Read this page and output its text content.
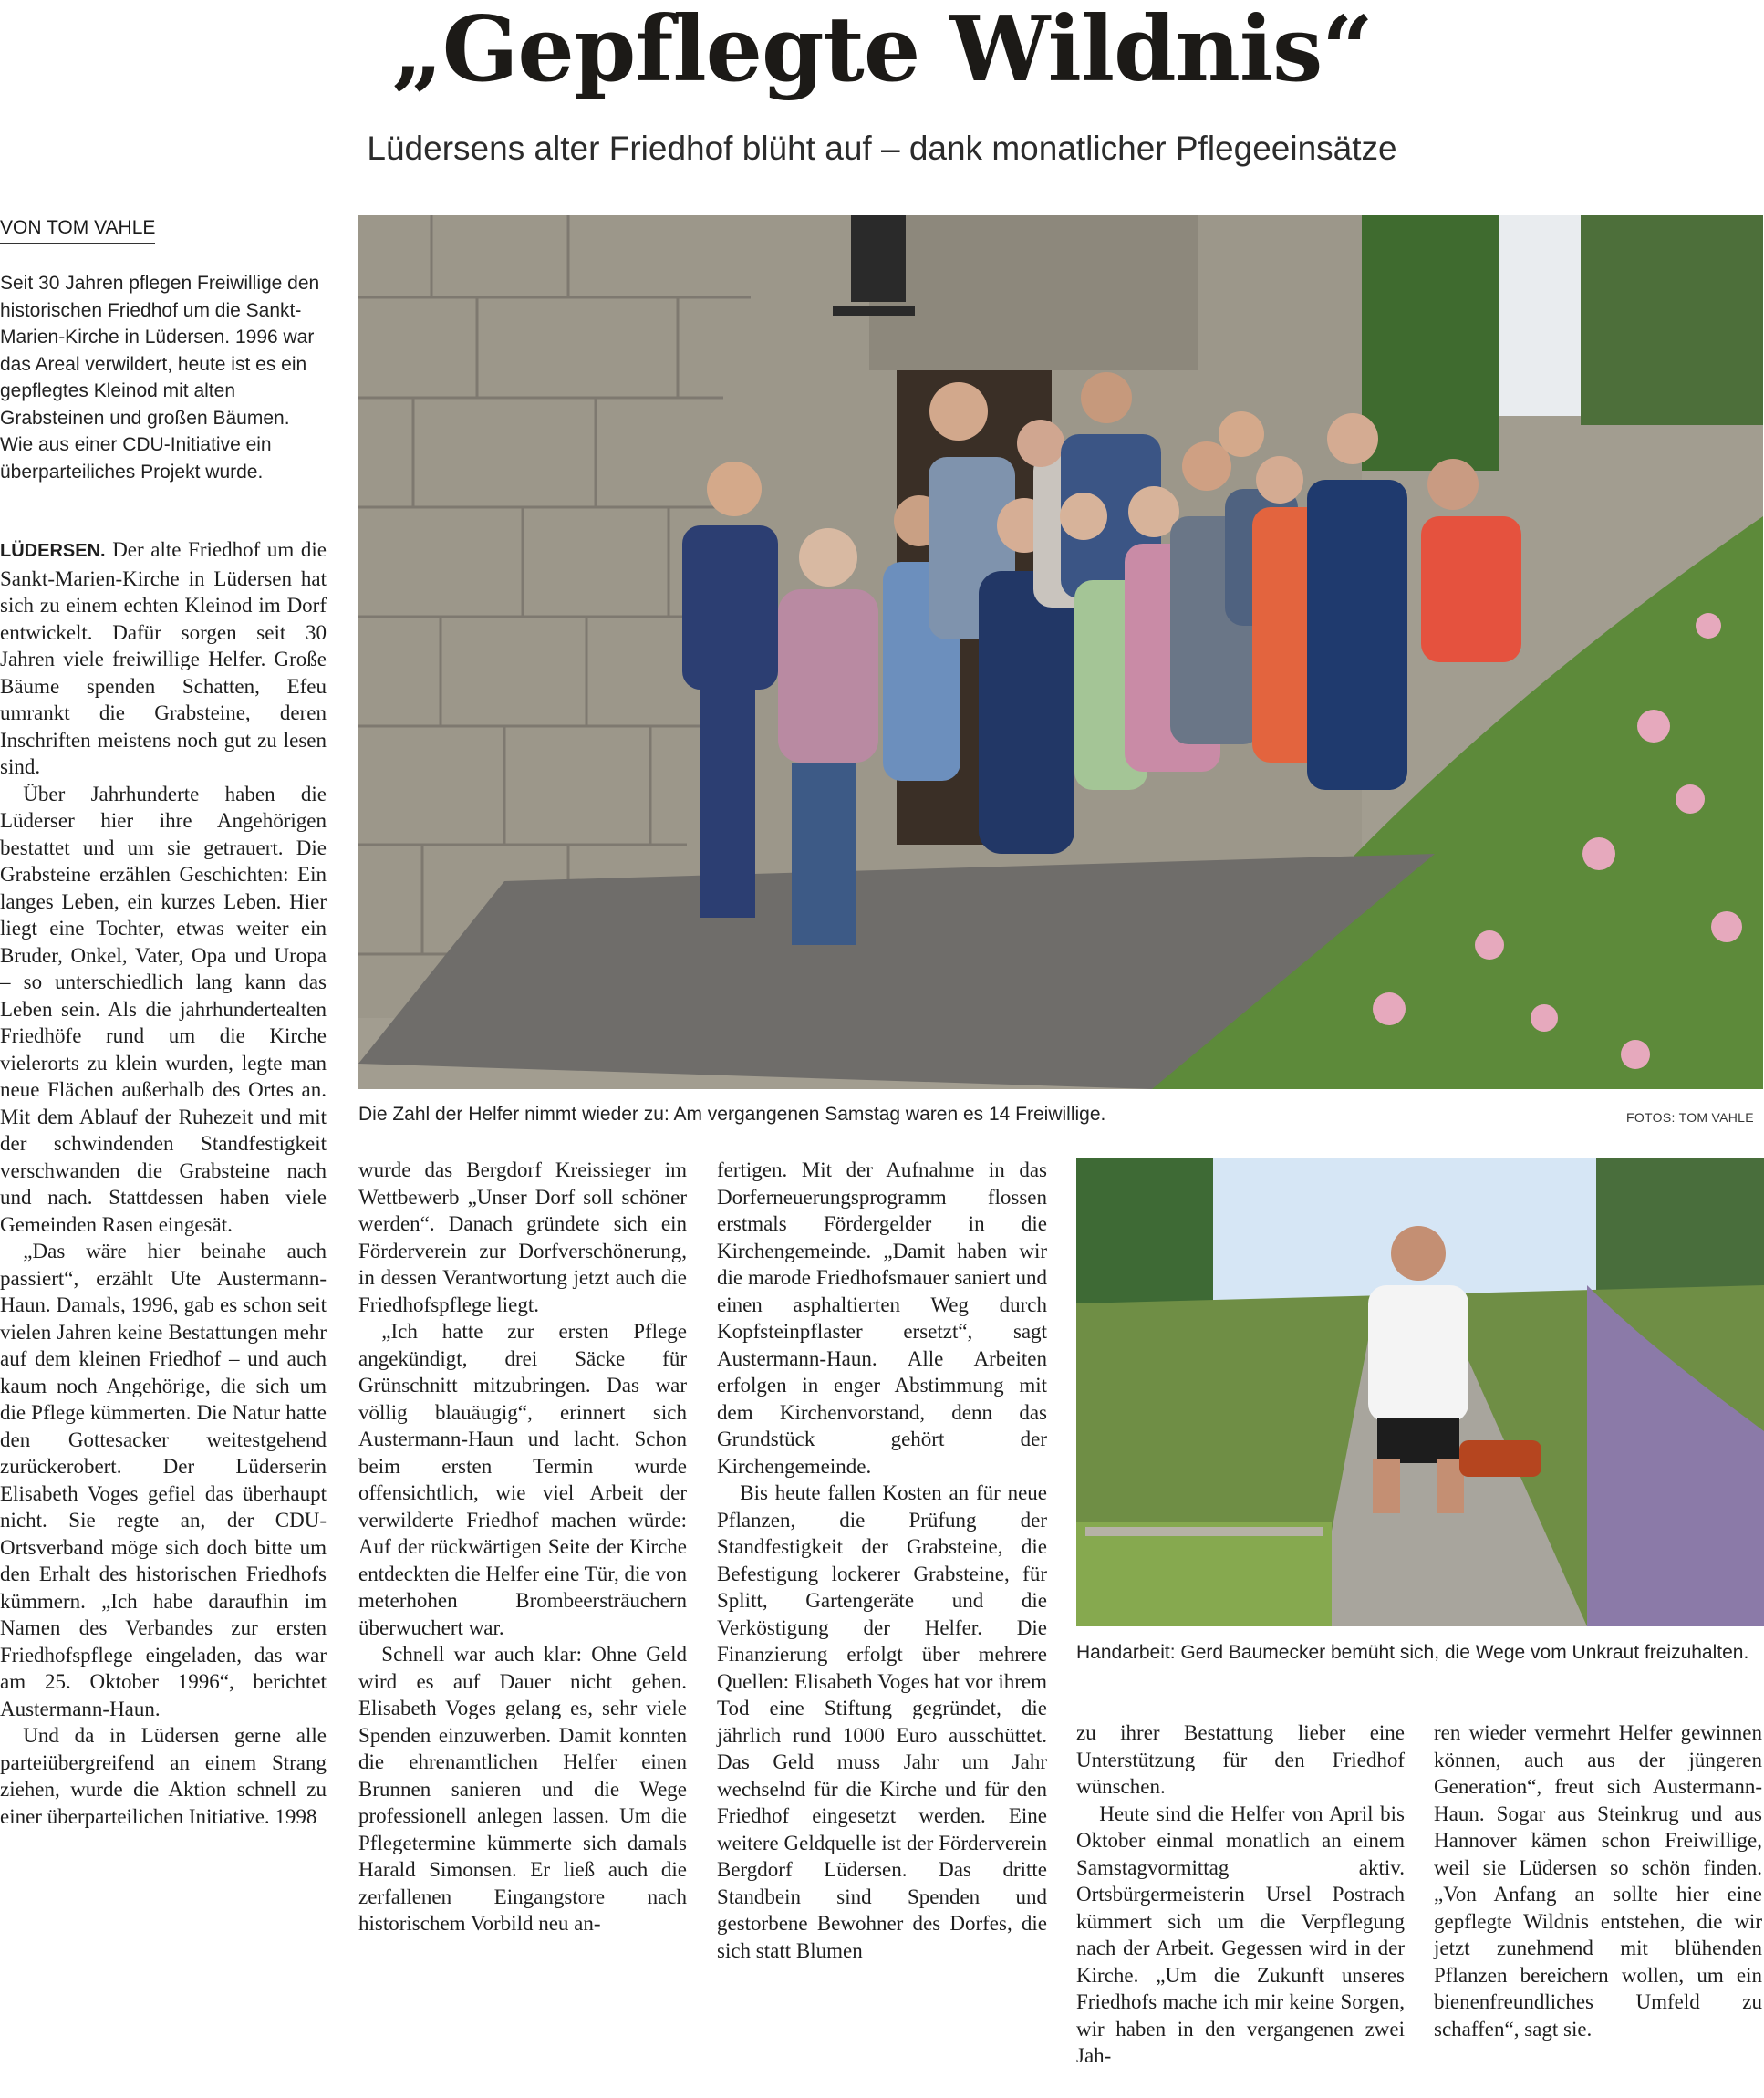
„Gepflegte Wildnis“
Lüdersens alter Friedhof blüht auf – dank monatlicher Pflegeeinsätze
VON TOM VAHLE
Seit 30 Jahren pflegen Freiwillige den historischen Friedhof um die Sankt-Marien-Kirche in Lüdersen. 1996 war das Areal verwildert, heute ist es ein gepflegtes Kleinod mit alten Grabsteinen und großen Bäumen. Wie aus einer CDU-Initiative ein überparteiliches Projekt wurde.
Die Zahl der Helfer nimmt wieder zu: Am vergangenen Samstag waren es 14 Freiwillige.	FOTOS: TOM VAHLE
Handarbeit: Gerd Baumecker bemüht sich, die Wege vom Unkraut freizuhalten.

LÜDERSEN. Der alte Friedhof um die Sankt-Marien-Kirche in Lüdersen hat sich zu einem echten Kleinod im Dorf entwickelt. Dafür sorgen seit 30 Jahren viele freiwillige Helfer. Große Bäume spenden Schatten, Efeu umrankt die Grabsteine, deren Inschriften meistens noch gut zu lesen sind.

Über Jahrhunderte haben die Lüderser hier ihre Angehörigen bestattet und um sie getrauert. Die Grabsteine erzählen Geschichten: Ein langes Leben, ein kurzes Leben. Hier liegt eine Tochter, etwas weiter ein Bruder, Onkel, Vater, Opa und Uropa – so unterschiedlich lang kann das Leben sein. Als die jahrhundertealten Friedhöfe rund um die Kirche vielerorts zu klein wurden, legte man neue Flächen außerhalb des Ortes an. Mit dem Ablauf der Ruhezeit und mit der schwindenden Standfestigkeit verschwanden die Grabsteine nach und nach. Stattdessen haben viele Gemeinden Rasen eingesät.

„Das wäre hier beinahe auch passiert“, erzählt Ute Austermann-Haun. Damals, 1996, gab es schon seit vielen Jahren keine Bestattungen mehr auf dem kleinen Friedhof – und auch kaum noch Angehörige, die sich um die Pflege kümmerten. Die Natur hatte den Gottesacker weitestgehend zurückerobert. Der Lüderserin Elisabeth Voges gefiel das überhaupt nicht. Sie regte an, der CDU-Ortsverband möge sich doch bitte um den Erhalt des historischen Friedhofs kümmern. „Ich habe daraufhin im Namen des Verbandes zur ersten Friedhofspflege eingeladen, das war am 25. Oktober 1996“, berichtet Austermann-Haun.

Und da in Lüdersen gerne alle parteiübergreifend an einem Strang ziehen, wurde die Aktion schnell zu einer überparteilichen Initiative. 1998

wurde das Bergdorf Kreissieger im Wettbewerb „Unser Dorf soll schöner werden“. Danach gründete sich ein Förderverein zur Dorfverschönerung, in dessen Verantwortung jetzt auch die Friedhofspflege liegt.

„Ich hatte zur ersten Pflege angekündigt, drei Säcke für Grünschnitt mitzubringen. Das war völlig blauäugig“, erinnert sich Austermann-Haun und lacht. Schon beim ersten Termin wurde offensichtlich, wie viel Arbeit der verwilderte Friedhof machen würde: Auf der rückwärtigen Seite der Kirche entdeckten die Helfer eine Tür, die von meterhohen Brombeersträuchern überwuchert war.

Schnell war auch klar: Ohne Geld wird es auf Dauer nicht gehen. Elisabeth Voges gelang es, sehr viele Spenden einzuwerben. Damit konnten die ehrenamtlichen Helfer einen Brunnen sanieren und die Wege professionell anlegen lassen. Um die Pflegetermine kümmerte sich damals Harald Simonsen. Er ließ auch die zerfallenen Eingangstore nach historischem Vorbild neu an-

fertigen. Mit der Aufnahme in das Dorferneuerungsprogramm flossen erstmals Fördergelder in die Kirchengemeinde. „Damit haben wir die marode Friedhofsmauer saniert und einen asphaltierten Weg durch Kopfsteinpflaster ersetzt“, sagt Austermann-Haun. Alle Arbeiten erfolgen in enger Abstimmung mit dem Kirchenvorstand, denn das Grundstück gehört der Kirchengemeinde.

Bis heute fallen Kosten an für neue Pflanzen, die Prüfung der Standfestigkeit der Grabsteine, die Befestigung lockerer Grabsteine, für Splitt, Gartengeräte und die Verköstigung der Helfer. Die Finanzierung erfolgt über mehrere Quellen: Elisabeth Voges hat vor ihrem Tod eine Stiftung gegründet, die jährlich rund 1000 Euro ausschüttet. Das Geld muss Jahr um Jahr wechselnd für die Kirche und für den Friedhof eingesetzt werden. Eine weitere Geldquelle ist der Förderverein Bergdorf Lüdersen. Das dritte Standbein sind Spenden und gestorbene Bewohner des Dorfes, die sich statt Blumen

zu ihrer Bestattung lieber eine Unterstützung für den Friedhof wünschen.

Heute sind die Helfer von April bis Oktober einmal monatlich an einem Samstagvormittag aktiv. Ortsbürgermeisterin Ursel Postrach kümmert sich um die Verpflegung nach der Arbeit. Gegessen wird in der Kirche. „Um die Zukunft unseres Friedhofs mache ich mir keine Sorgen, wir haben in den vergangenen zwei Jah-

ren wieder vermehrt Helfer gewinnen können, auch aus der jüngeren Generation“, freut sich Austermann-Haun. Sogar aus Steinkrug und aus Hannover kämen schon Freiwillige, weil sie Lüdersen so schön finden. „Von Anfang an sollte hier eine gepflegte Wildnis entstehen, die wir jetzt zunehmend mit blühenden Pflanzen bereichern wollen, um ein bienenfreundliches Umfeld zu schaffen“, sagt sie.
